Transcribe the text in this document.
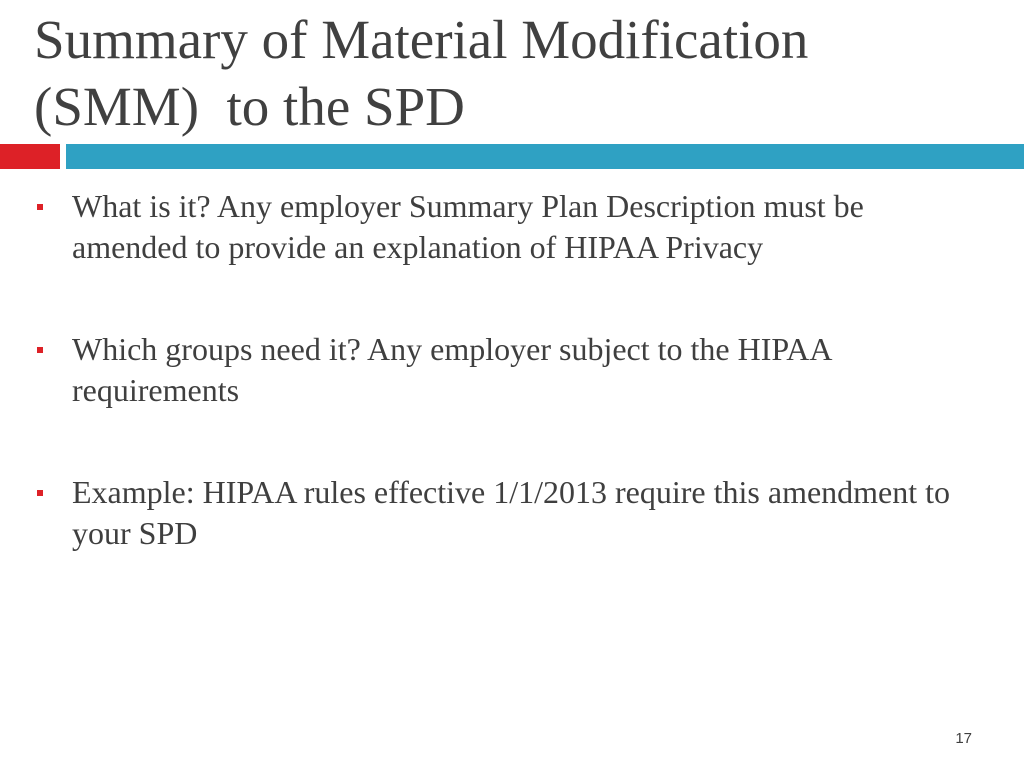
Summary of Material Modification
(SMM)  to the SPD
What is it? Any employer Summary Plan Description must be amended to provide an explanation of HIPAA Privacy
Which groups need it? Any employer subject to the HIPAA requirements
Example: HIPAA rules effective 1/1/2013 require this amendment to your SPD
17
